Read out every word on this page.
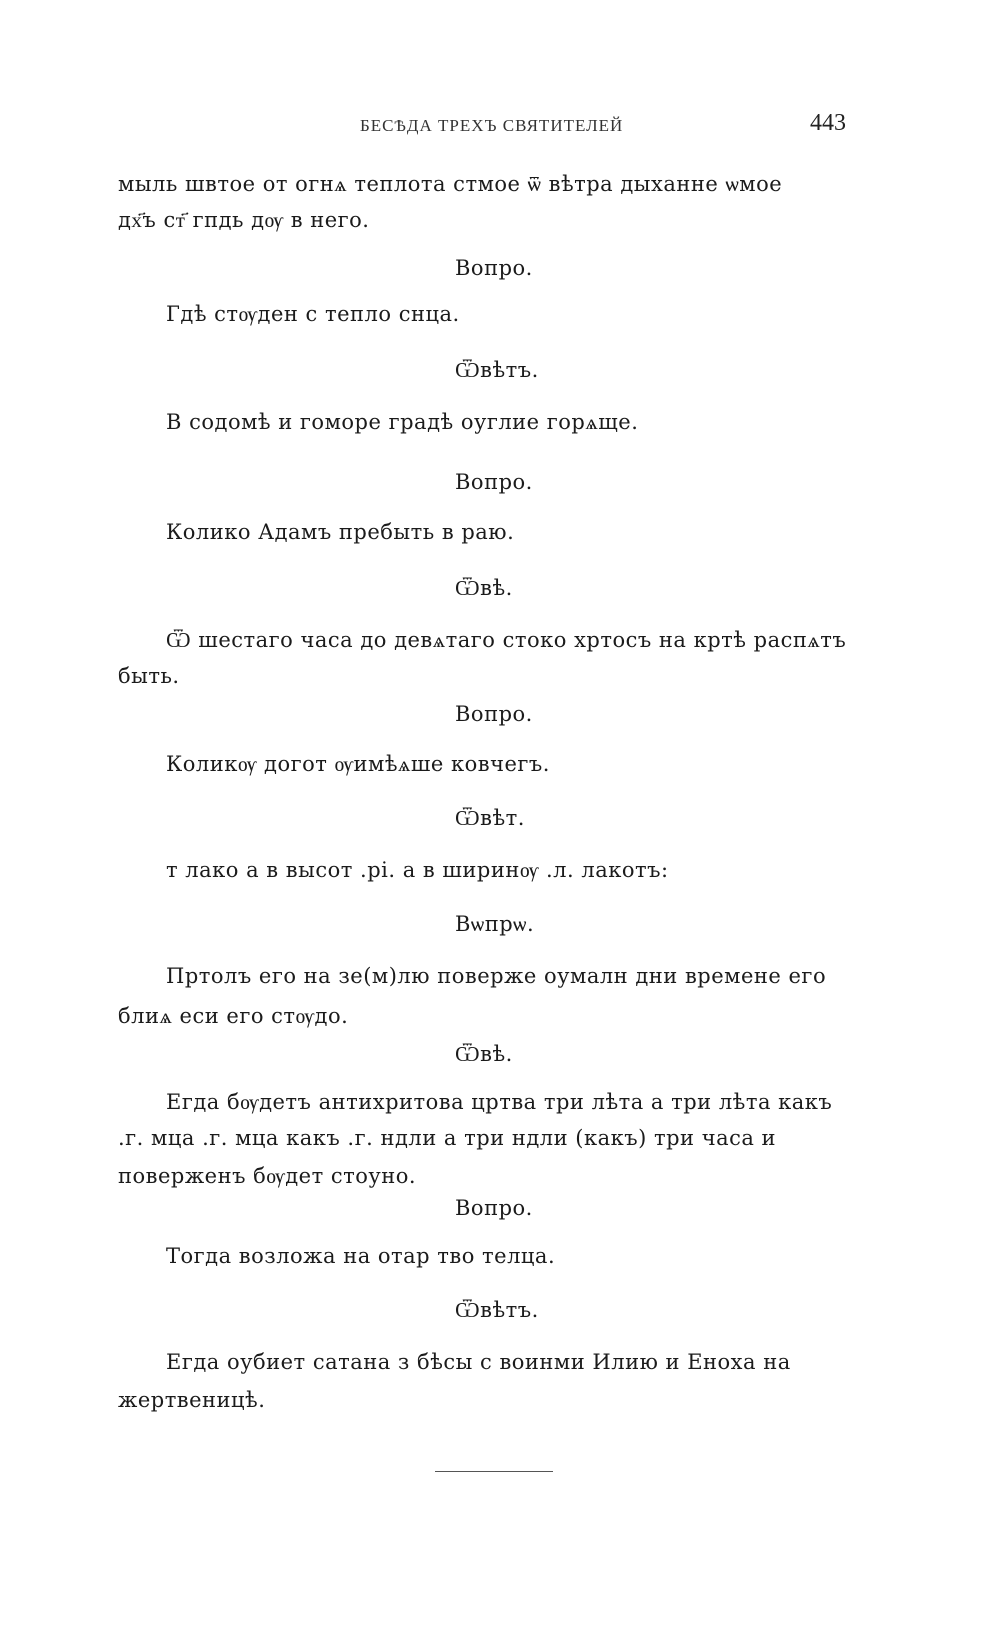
БЕСѢДА ТРЕХЪ СВЯТИТЕЛЕЙ	443
мыль швтое от огнѧ теплота стмое ѿ вѣтра дыханне ѡмое
дх҃ъ ст҃ гпдь дѹ в него.
Вопро.
Гдѣ стѹден с тепло снца.
Ѿвѣтъ.
В содомѣ и гоморе градѣ оуглие горѧще.
Вопро.
Колико Адамъ пребыть в раю.
Ѿвѣ.
Ѿ шестаго часа до девѧтаго стоко хртосъ на кртѣ распѧтъ
быть.
Вопро.
Коликѹ догот ѹимѣѧше ковчегъ.
Ѿвѣт.
т лако а в высот .рі. а в ширинѹ .л. лакотъ:
Вѡпрѡ.
Пртолъ его на зе(м)лю поверже оумалн дни времене его
блиѧ еси его стѹдо.
Ѿвѣ.
Егда бѹдетъ антихритова цртва три лѣта а три лѣта какъ
.г. мца .г. мца какъ .г. ндли а три ндли (какъ) три часа и
поверженъ бѹдет стоуно.
Вопро.
Тогда возложа на отар тво телца.
Ѿвѣтъ.
Егда оубиет сатана з бѣсы с воинми Илию и Еноха на
жертвеницѣ.
